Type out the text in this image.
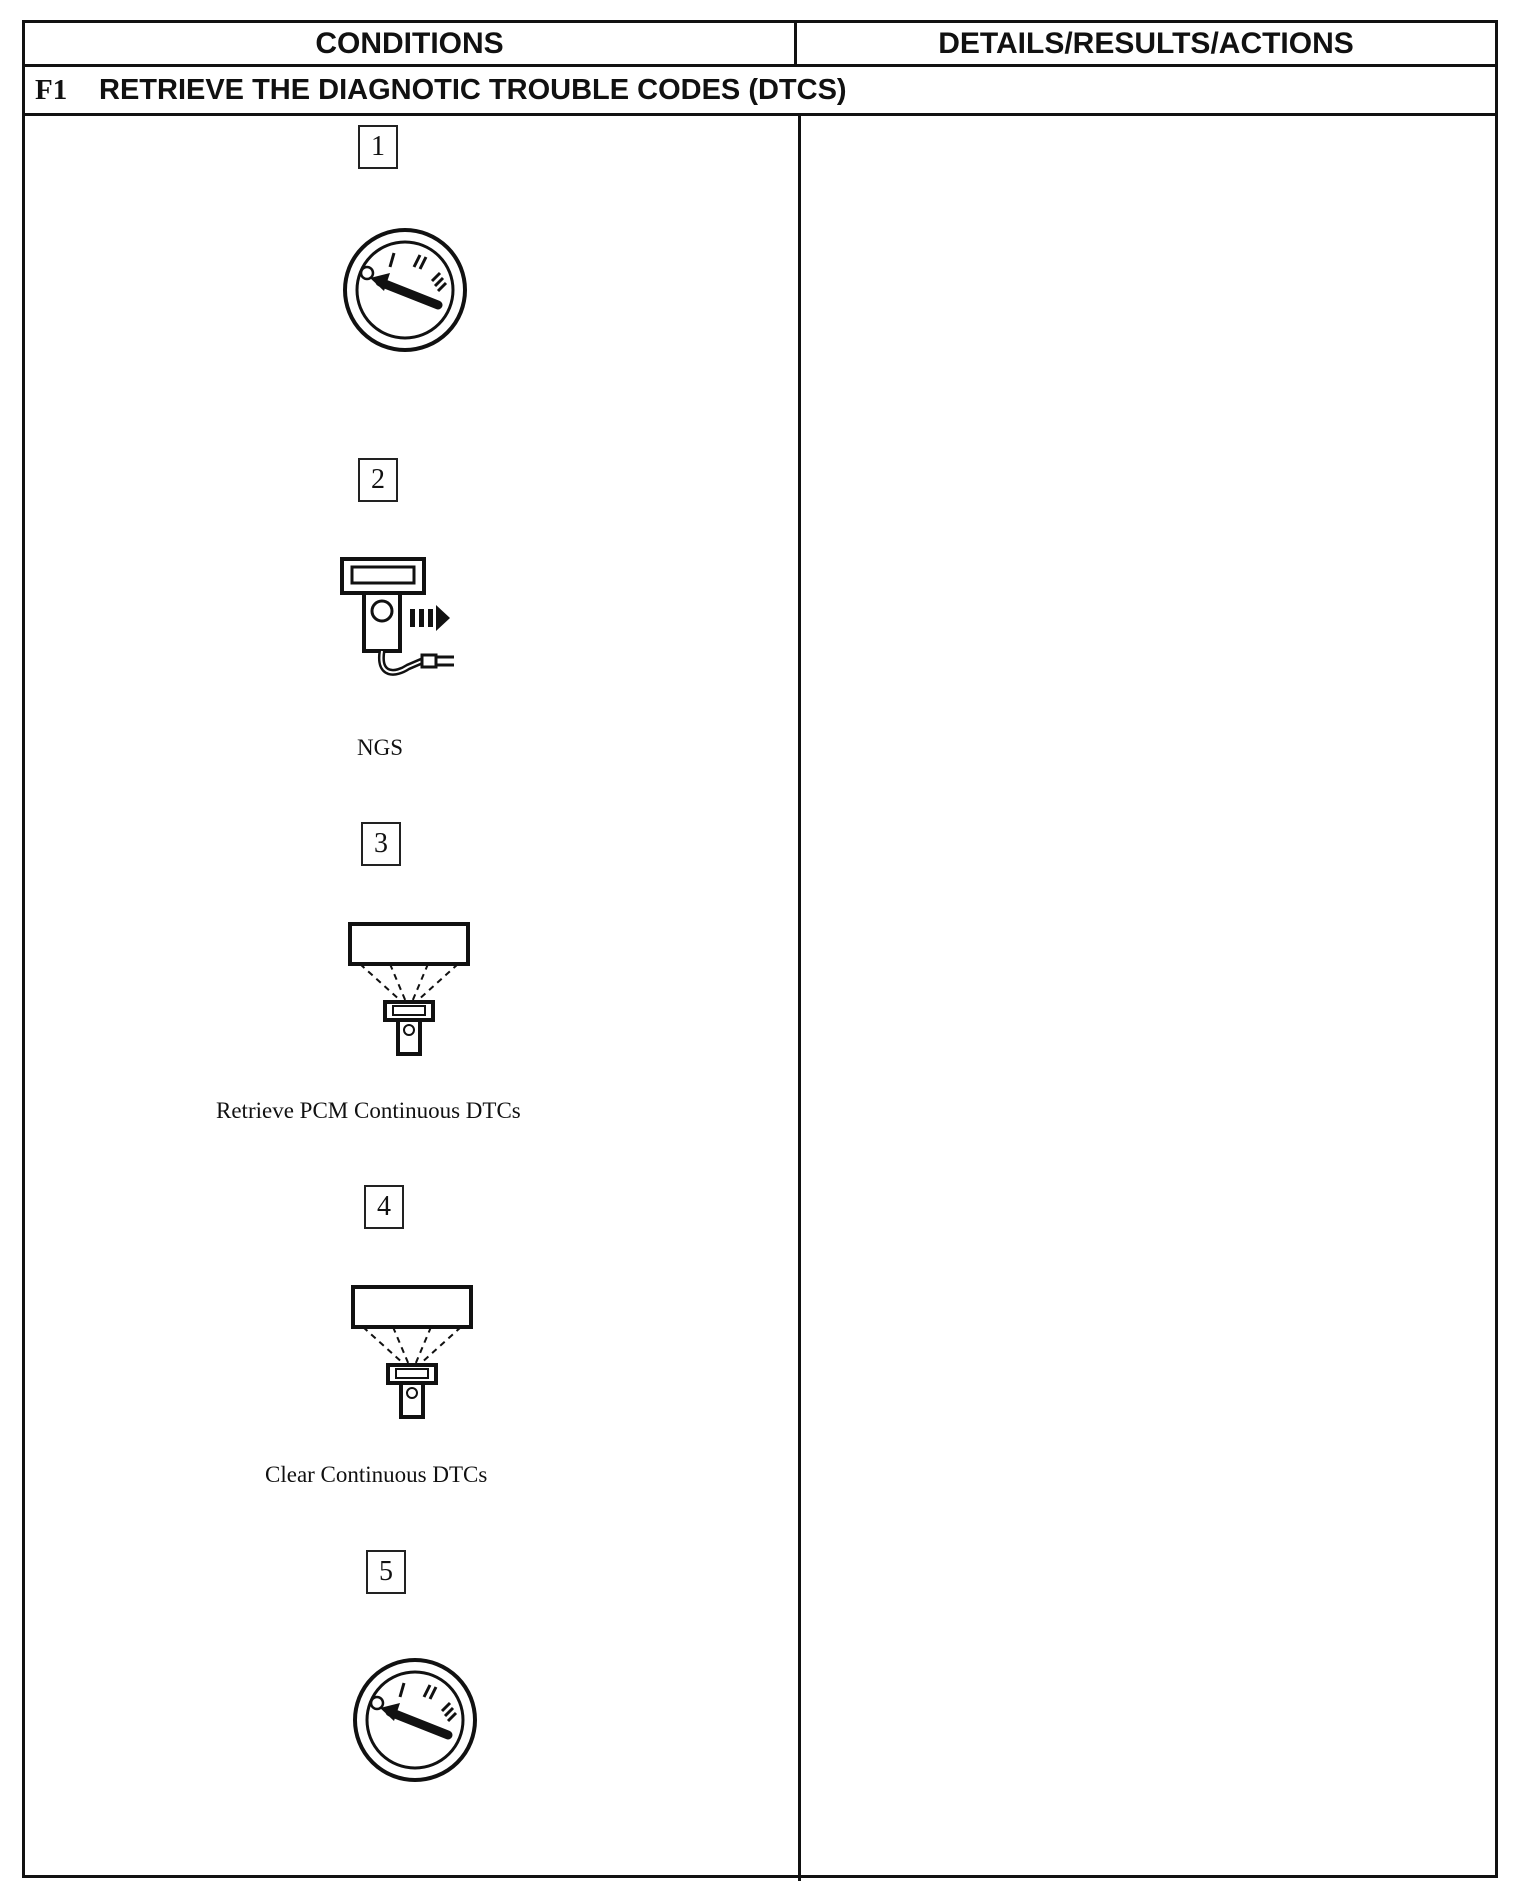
CONDITIONS	DETAILS/RESULTS/ACTIONS
F1	RETRIEVE THE DIAGNOTIC TROUBLE CODES (DTCS)
1
2
NGS
3
Retrieve PCM Continuous DTCs
4
Clear Continuous DTCs
5
